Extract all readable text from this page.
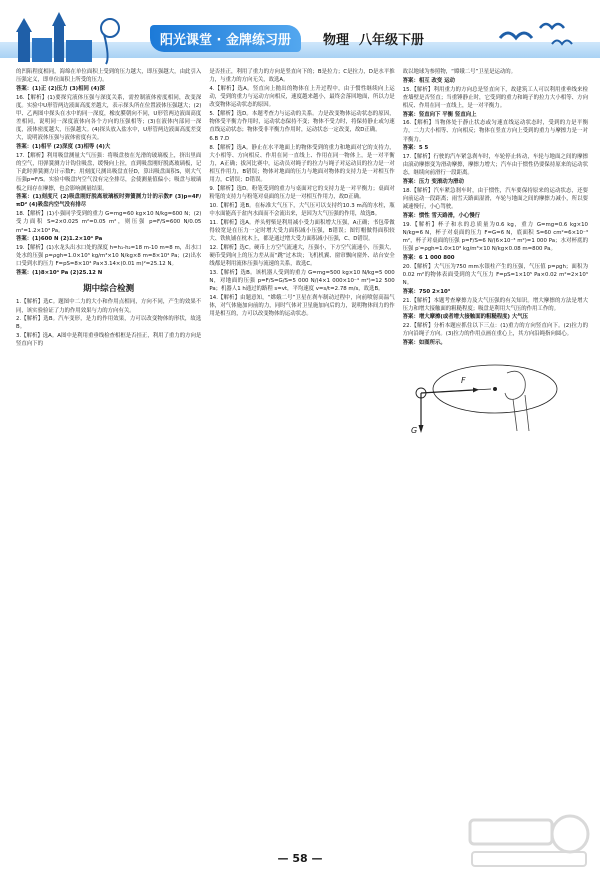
阳光课堂 · 金牌练习册	物理 八年级下册

的凹陷程度相同，海绵在单位面积上受到的压力越大，即压强越大，由此引入压强定义，即单位面积上所受的压力。

答案：(1)正 (2)压力 (3)相同 (4)深

16.【解析】(1)要探究液体压强与深度关系，需控制液体密度相同，改变深度。实验中U形管两边液面高度差越大，表示探头所在位置液体压强越大；(2)甲、乙两图中探头在水中的同一深度，橡皮膜朝向不同，U形管两边液面高度差相同，说明同一深度液体向各个方向的压强相等；(3)在液体内部同一深度，液体密度越大，压强越大。(4)探头放入盐水中，U形管两边液面高度差变大，说明液体压强与液体密度有关。

答案：(1)相平 (2)深度 (3)相等 (4)大

17.【解析】利用吸盘测量大气压强：将吸盘按在光滑的玻璃板上，挤出里面的空气，用弹簧测力计钩住吸盘，缓慢向上拉，直到吸盘刚好脱离玻璃板，记下此时弹簧测力计示数F；用刻度尺测出吸盘直径D，算出吸盘面积S，则大气压强p=F/S。实验中吸盘内空气没有完全排尽，会使测量值偏小；吸盘与玻璃板之间存在摩擦，也会影响测量结果。

答案：(1)刻度尺 (2)吸盘刚好脱离玻璃板时弹簧测力计的示数F (3)p=4F/πD² (4)吸盘内空气没有排尽

18.【解析】(1)小强同学受到的重力 G=mg=60 kg×10 N/kg=600 N；(2)受力面积 S=2×0.025 m²=0.05 m²，则压强 p=F/S=600 N/0.05 m²=1.2×10⁴ Pa。

答案：(1)600 N (2)1.2×10⁴ Pa

19.【解析】(1)水龙头出水口处的深度 h=h₁-h₂=18 m-10 m=8 m，出水口处水的压强 p=ρgh=1.0×10³ kg/m³×10 N/kg×8 m=8×10⁴ Pa；(2)出水口受到水的压力 F=pS=8×10⁴ Pa×3.14×(0.01 m)²=25.12 N。

答案：(1)8×10⁴ Pa (2)25.12 N

期中综合检测

1.【解析】选C。题图中二力的大小和作用点相同，方向不同，产生的效果不同，该实验验证了力的作用效果与力的方向有关。

2.【解析】选B。汽车变形，是力的作用效果，力可以改变物体的形状，故选B。

3.【解析】选A。A图中是利用重垂线检查相框是否挂正，利用了重力的方向是竖直向下的

是否挂正，利用了重力的方向是竖直向下的；B是拉力；C是拉力，D是水平推力，与重力的方向无关，故选A。

4.【解析】选A。竖直向上抛出的物体在上升过程中，由于惯性继续向上运动，受到的重力与运动方向相反，速度越来越小，最终会落回地面，所以力是改变物体运动状态的原因。

5.【解析】选D。本题考查力与运动的关系。力是改变物体运动状态的原因，物体受平衡力作用时，运动状态保持不变；物体不受力时，将保持静止或匀速直线运动状态；物体受非平衡力作用时，运动状态一定改变，故D正确。

6.B 7.D

8.【解析】选A。静止在水平地面上的物体受到的重力和地面对它的支持力，大小相等、方向相反、作用在同一直线上、作用在同一物体上，是一对平衡力，A正确；拔河比赛中，运动员对绳子的拉力与绳子对运动员的拉力是一对相互作用力，B错误；物体对地面的压力与地面对物体的支持力是一对相互作用力，C错误；D错误。

9.【解析】选D。粉笔受到的重力与桌面对它的支持力是一对平衡力；桌面对粉笔的支持力与粉笔对桌面的压力是一对相互作用力，故D正确。

10.【解析】选B。在标准大气压下，大气压可以支持约10.3 m高的水柱，瓶中水面能高于盆内水面而不会流出来，是因为大气压强的作用，故选B。

11.【解析】选A。斧头劈柴是利用减小受力面积增大压强，A正确；书包带做得较宽是在压力一定时增大受力面积减小压强，B错误；图钉帽做得面积较大、铁轨铺在枕木上，都是通过增大受力面积减小压强，C、D错误。

12.【解析】选C。硬币上方空气流速大，压强小，下方空气流速小，压强大，硬币受到向上的压力差从而“跳”过木块；飞机机翼、窗帘飘向窗外、站台安全线都是利用流体压强与流速的关系，故选C。

13.【解析】选B。该机器人受到的重力 G=mg=500 kg×10 N/kg=5 000 N，对地面的压强 p=F/S=G/S=5 000 N/(4×1 000×10⁻⁴ m²)=12 500 Pa；机器人1 h通过的路程 s=vt，平均速度 v=s/t=2.78 m/s，故选B。

14.【解析】由题意知，“嫦娥二号”卫星在刹车制动过程中，向前喷射高温气体，对气体施加向前的力，同时气体对卫星施加向后的力，说明物体间力的作用是相互的，力可以改变物体的运动状态。

故以地球为参照物，“嫦娥二号”卫星是运动的。

答案：相互 改变 运动

15.【解析】利用重力的方向总是竖直向下，故建筑工人可以利用重垂线来检查墙壁是否竖直；当重锤静止时，它受到的重力和绳子的拉力大小相等、方向相反、作用在同一直线上，是一对平衡力。

答案：竖直向下 平衡 竖直向上

16.【解析】当物体处于静止状态或匀速直线运动状态时，受到的力是平衡力，二力大小相等、方向相反；物体在竖直方向上受到的重力与摩擦力是一对平衡力。

答案：5 5

17.【解析】行驶的汽车紧急刹车时，车轮停止转动，车轮与地面之间的摩擦由滚动摩擦变为滑动摩擦，摩擦力增大；汽车由于惯性仍要保持原来的运动状态，继续向前滑行一段距离。

答案：压力 变滚动为滑动

18.【解析】汽车紧急刹车时，由于惯性，汽车要保持原来的运动状态，还要向前运动一段距离；雨雪天路面湿滑，车轮与地面之间的摩擦力减小，所以要减速慢行，小心驾驶。

答案：惯性 雪天路滑，小心慢行

19.【解析】杯子和水的总质量为0.6 kg，重力 G=mg=0.6 kg×10 N/kg=6 N，杯子对桌面的压力 F=G=6 N，底面积 S=60 cm²=6×10⁻³ m²，杯子对桌面的压强 p=F/S=6 N/(6×10⁻³ m²)=1 000 Pa；水对杯底的压强 p′=ρgh=1.0×10³ kg/m³×10 N/kg×0.08 m=800 Pa。

答案：6 1 000 800

20.【解析】大气压为750 mm水银柱产生的压强，气压值 p=ρgh；面积为0.02 m²的物体表面受到的大气压力 F=pS=1×10⁵ Pa×0.02 m²=2×10³ N。

答案：750 2×10³

21.【解析】本题考查摩擦力及大气压强的有关知识。增大摩擦的方法是增大压力和增大接触面的粗糙程度；吸盘是利用大气压的作用工作的。

答案：增大摩擦(或者增大接触面的粗糙程度) 大气压

22.【解析】分析本题应抓住以下三点：(1)重力的方向竖直向下。(2)拉力的方向沿绳子方向。(3)拉力的作用点画在重心上，其方向沿绳指向圆心。

答案：如图所示。

F
G
— 58 —
